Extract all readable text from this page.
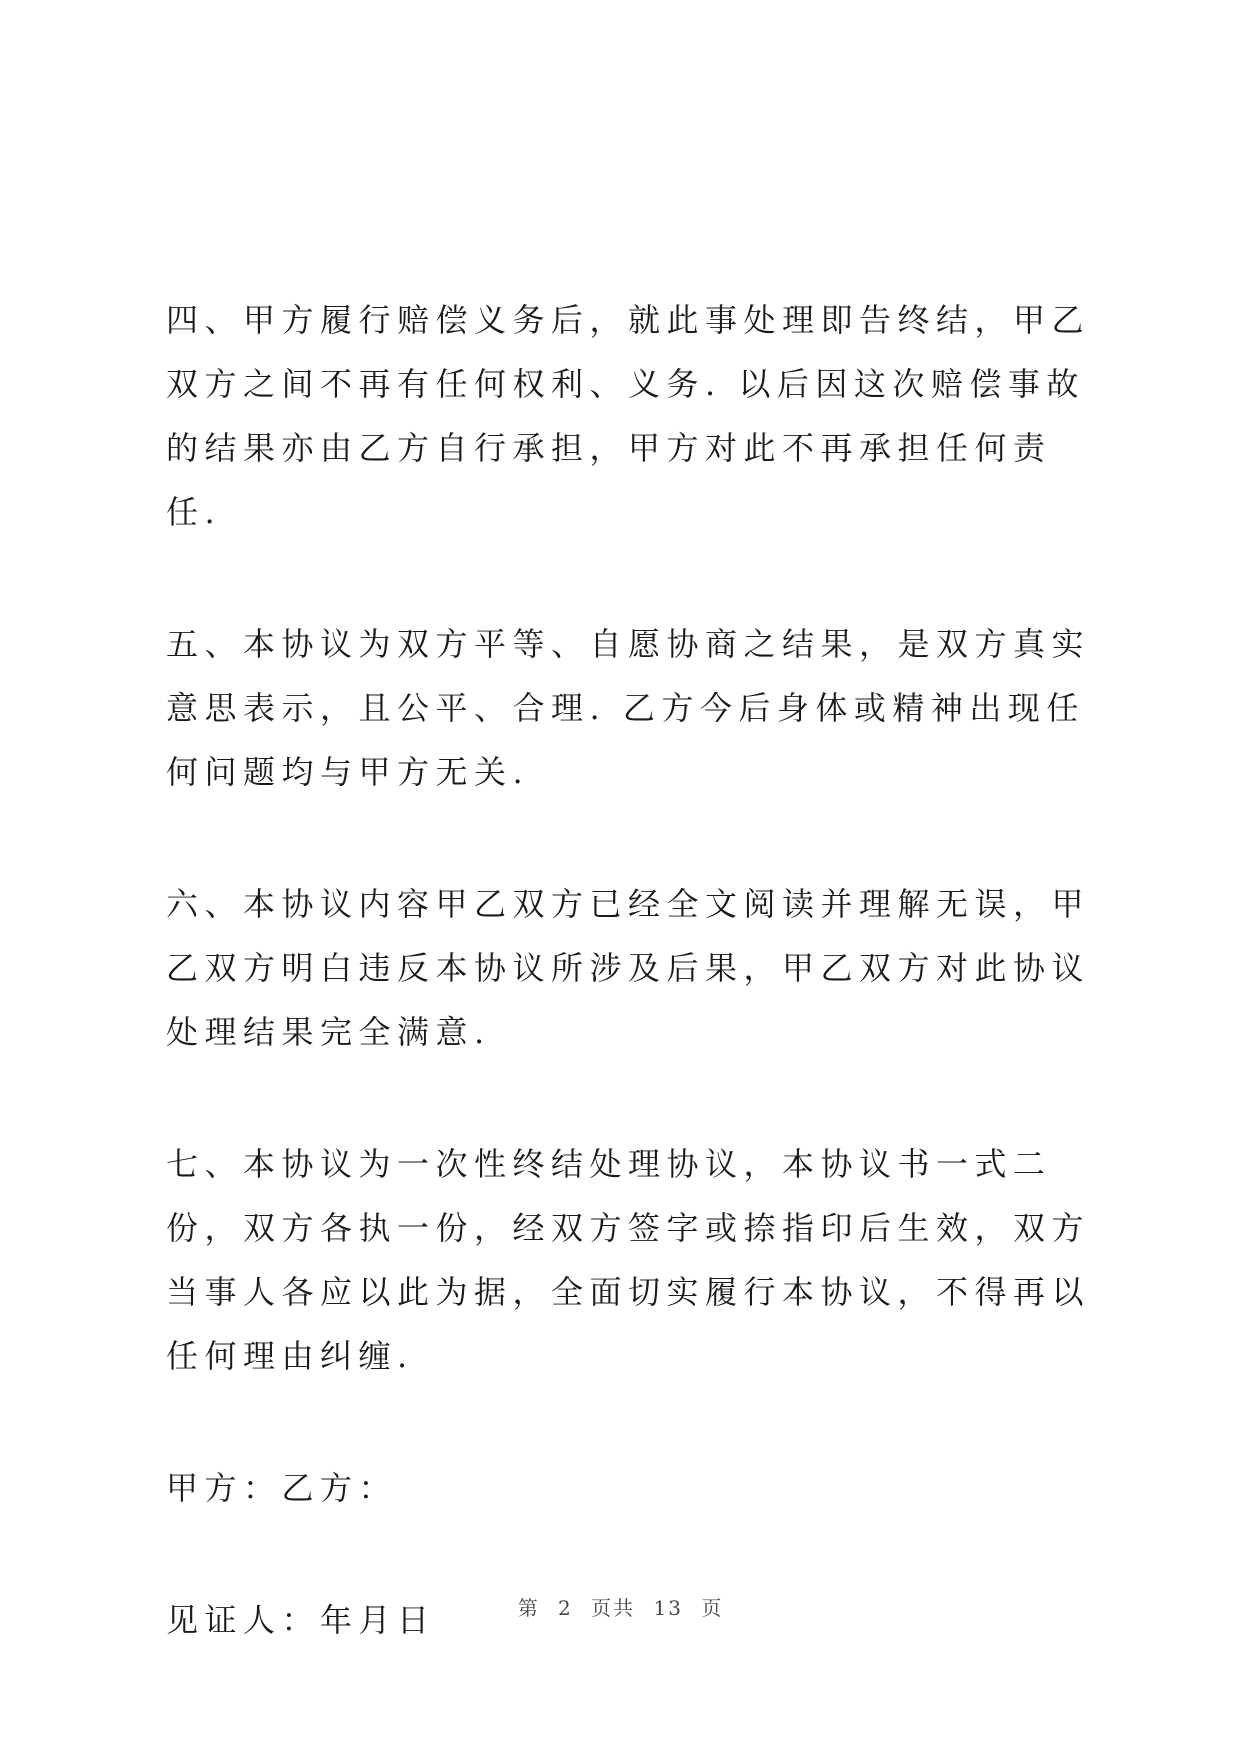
四、甲方履行赔偿义务后，就此事处理即告终结，甲乙双方之间不再有任何权利、义务. 以后因这次赔偿事故的结果亦由乙方自行承担，甲方对此不再承担任何责任.

五、本协议为双方平等、自愿协商之结果，是双方真实意思表示，且公平、合理. 乙方今后身体或精神出现任何问题均与甲方无关.

六、本协议内容甲乙双方已经全文阅读并理解无误，甲乙双方明白违反本协议所涉及后果，甲乙双方对此协议处理结果完全满意.

七、本协议为一次性终结处理协议，本协议书一式二份，双方各执一份，经双方签字或捺指印后生效，双方当事人各应以此为据，全面切实履行本协议，不得再以任何理由纠缠.

甲方：乙方：

见证人：年月日	第 2 页共 13 页
